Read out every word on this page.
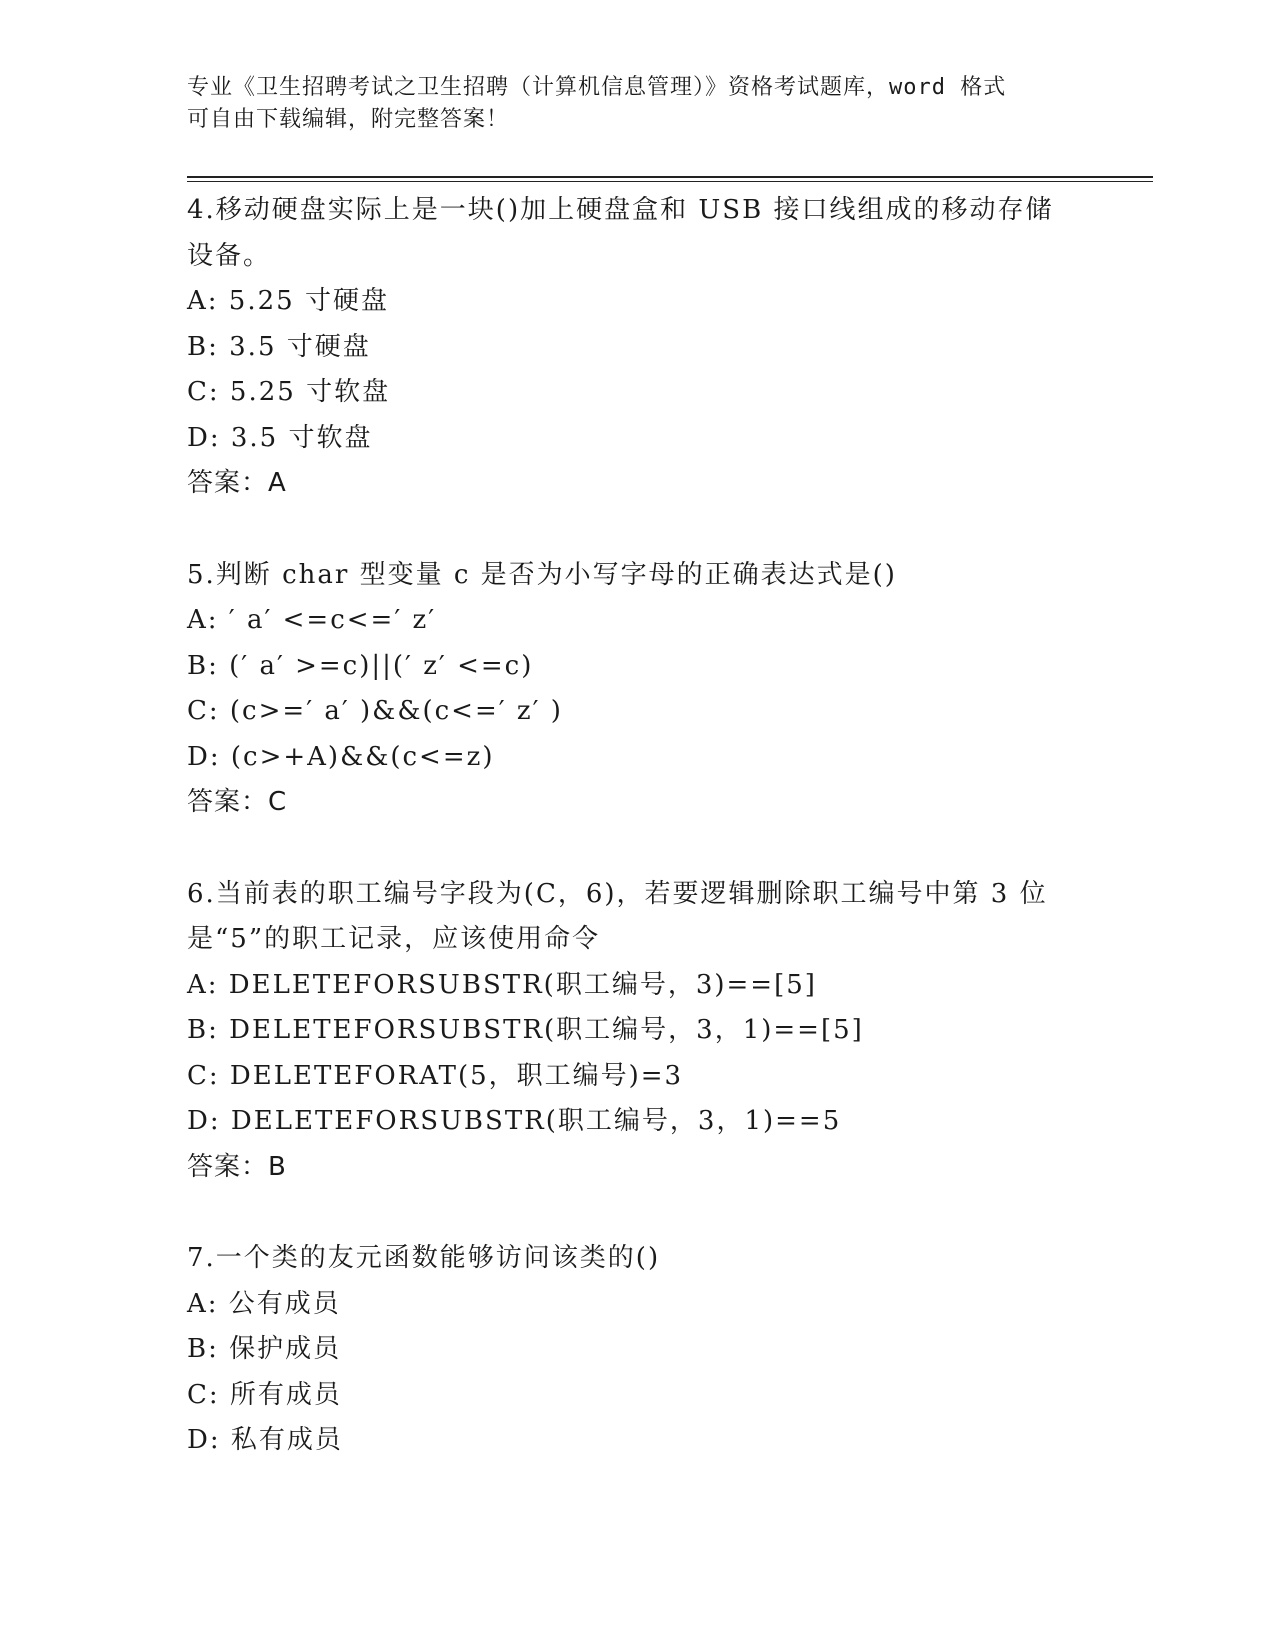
专业《卫生招聘考试之卫生招聘（计算机信息管理）》资格考试题库，word 格式
可自由下载编辑，附完整答案！
4.移动硬盘实际上是一块()加上硬盘盒和 USB 接口线组成的移动存储
设备。
A: 5.25 寸硬盘
B: 3.5 寸硬盘
C: 5.25 寸软盘
D: 3.5 寸软盘
答案：A
5.判断 char 型变量 c 是否为小写字母的正确表达式是()
A: ′ a′ <=c<=′ z′
B: (′ a′ >=c)||(′ z′ <=c)
C: (c>=′ a′ )&&(c<=′ z′ )
D: (c>+A)&&(c<=z)
答案：C
6.当前表的职工编号字段为(C，6)，若要逻辑删除职工编号中第 3 位
是“5”的职工记录，应该使用命令
A: DELETEFORSUBSTR(职工编号，3)==[5]
B: DELETEFORSUBSTR(职工编号，3，1)==[5]
C: DELETEFORAT(5，职工编号)=3
D: DELETEFORSUBSTR(职工编号，3，1)==5
答案：B
7.一个类的友元函数能够访问该类的()
A: 公有成员
B: 保护成员
C: 所有成员
D: 私有成员
